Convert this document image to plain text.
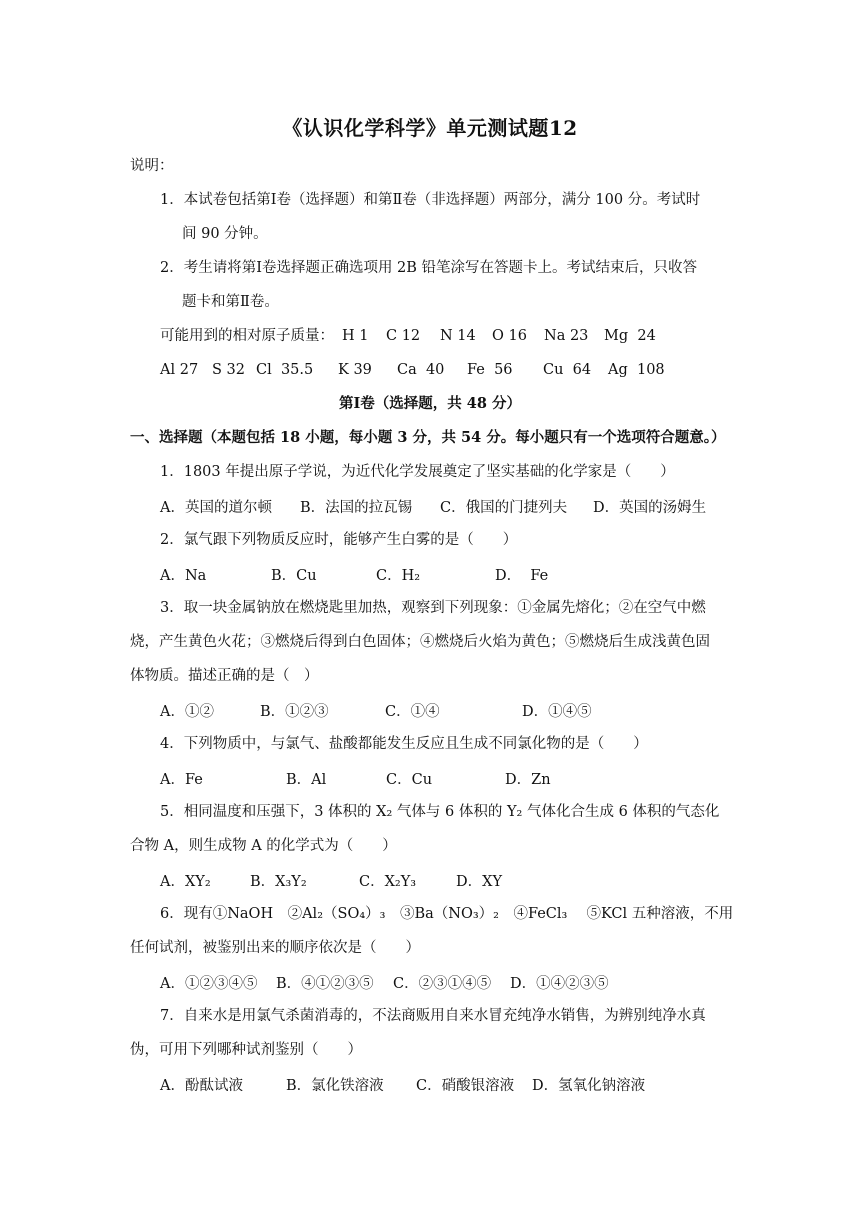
《认识化学科学》单元测试题12
说明：
1．本试卷包括第Ⅰ卷（选择题）和第Ⅱ卷（非选择题）两部分，满分 100 分。考试时
间 90 分钟。
2．考生请将第Ⅰ卷选择题正确选项用 2B 铅笔涂写在答题卡上。考试结束后，只收答
题卡和第Ⅱ卷。
可能用到的相对原子质量： H 1 C 12 N 14 O 16 Na 23 Mg  24
Al 27 S 32 Cl  35.5 K 39 Ca  40 Fe  56 Cu  64 Ag  108
第Ⅰ卷（选择题，共 48 分）
一、选择题（本题包括 18 小题，每小题 3 分，共 54 分。每小题只有一个选项符合题意。）
1．1803 年提出原子学说，为近代化学发展奠定了坚实基础的化学家是（　　）
A．英国的道尔顿 B．法国的拉瓦锡 C．俄国的门捷列夫 D．英国的汤姆生
2．氯气跟下列物质反应时，能够产生白雾的是（　　）
A．Na	B．Cu	C．H₂	D．  Fe
3．取一块金属钠放在燃烧匙里加热，观察到下列现象：①金属先熔化；②在空气中燃
烧，产生黄色火花；③燃烧后得到白色固体；④燃烧后火焰为黄色；⑤燃烧后生成浅黄色固
体物质。描述正确的是（　）
A．①②	B．①②③	C．①④	D．①④⑤
4．下列物质中，与氯气、盐酸都能发生反应且生成不同氯化物的是（　　）
A．Fe	B．Al	C．Cu	D．Zn
5．相同温度和压强下，3 体积的 X₂ 气体与 6 体积的 Y₂ 气体化合生成 6 体积的气态化
合物 A，则生成物 A 的化学式为（　　）
A．XY₂	B．X₃Y₂	C．X₂Y₃	D．XY
6．现有①NaOH　②Al₂（SO₄）₃　③Ba（NO₃）₂　④FeCl₃　 ⑤KCl 五种溶液，不用
任何试剂，被鉴别出来的顺序依次是（　　）
A．①②③④⑤ B．④①②③⑤ C．②③①④⑤ D．①④②③⑤
7．自来水是用氯气杀菌消毒的，不法商贩用自来水冒充纯净水销售，为辨别纯净水真
伪，可用下列哪种试剂鉴别（　　）
A．酚酞试液	B．氯化铁溶液 C．硝酸银溶液 D．氢氧化钠溶液
